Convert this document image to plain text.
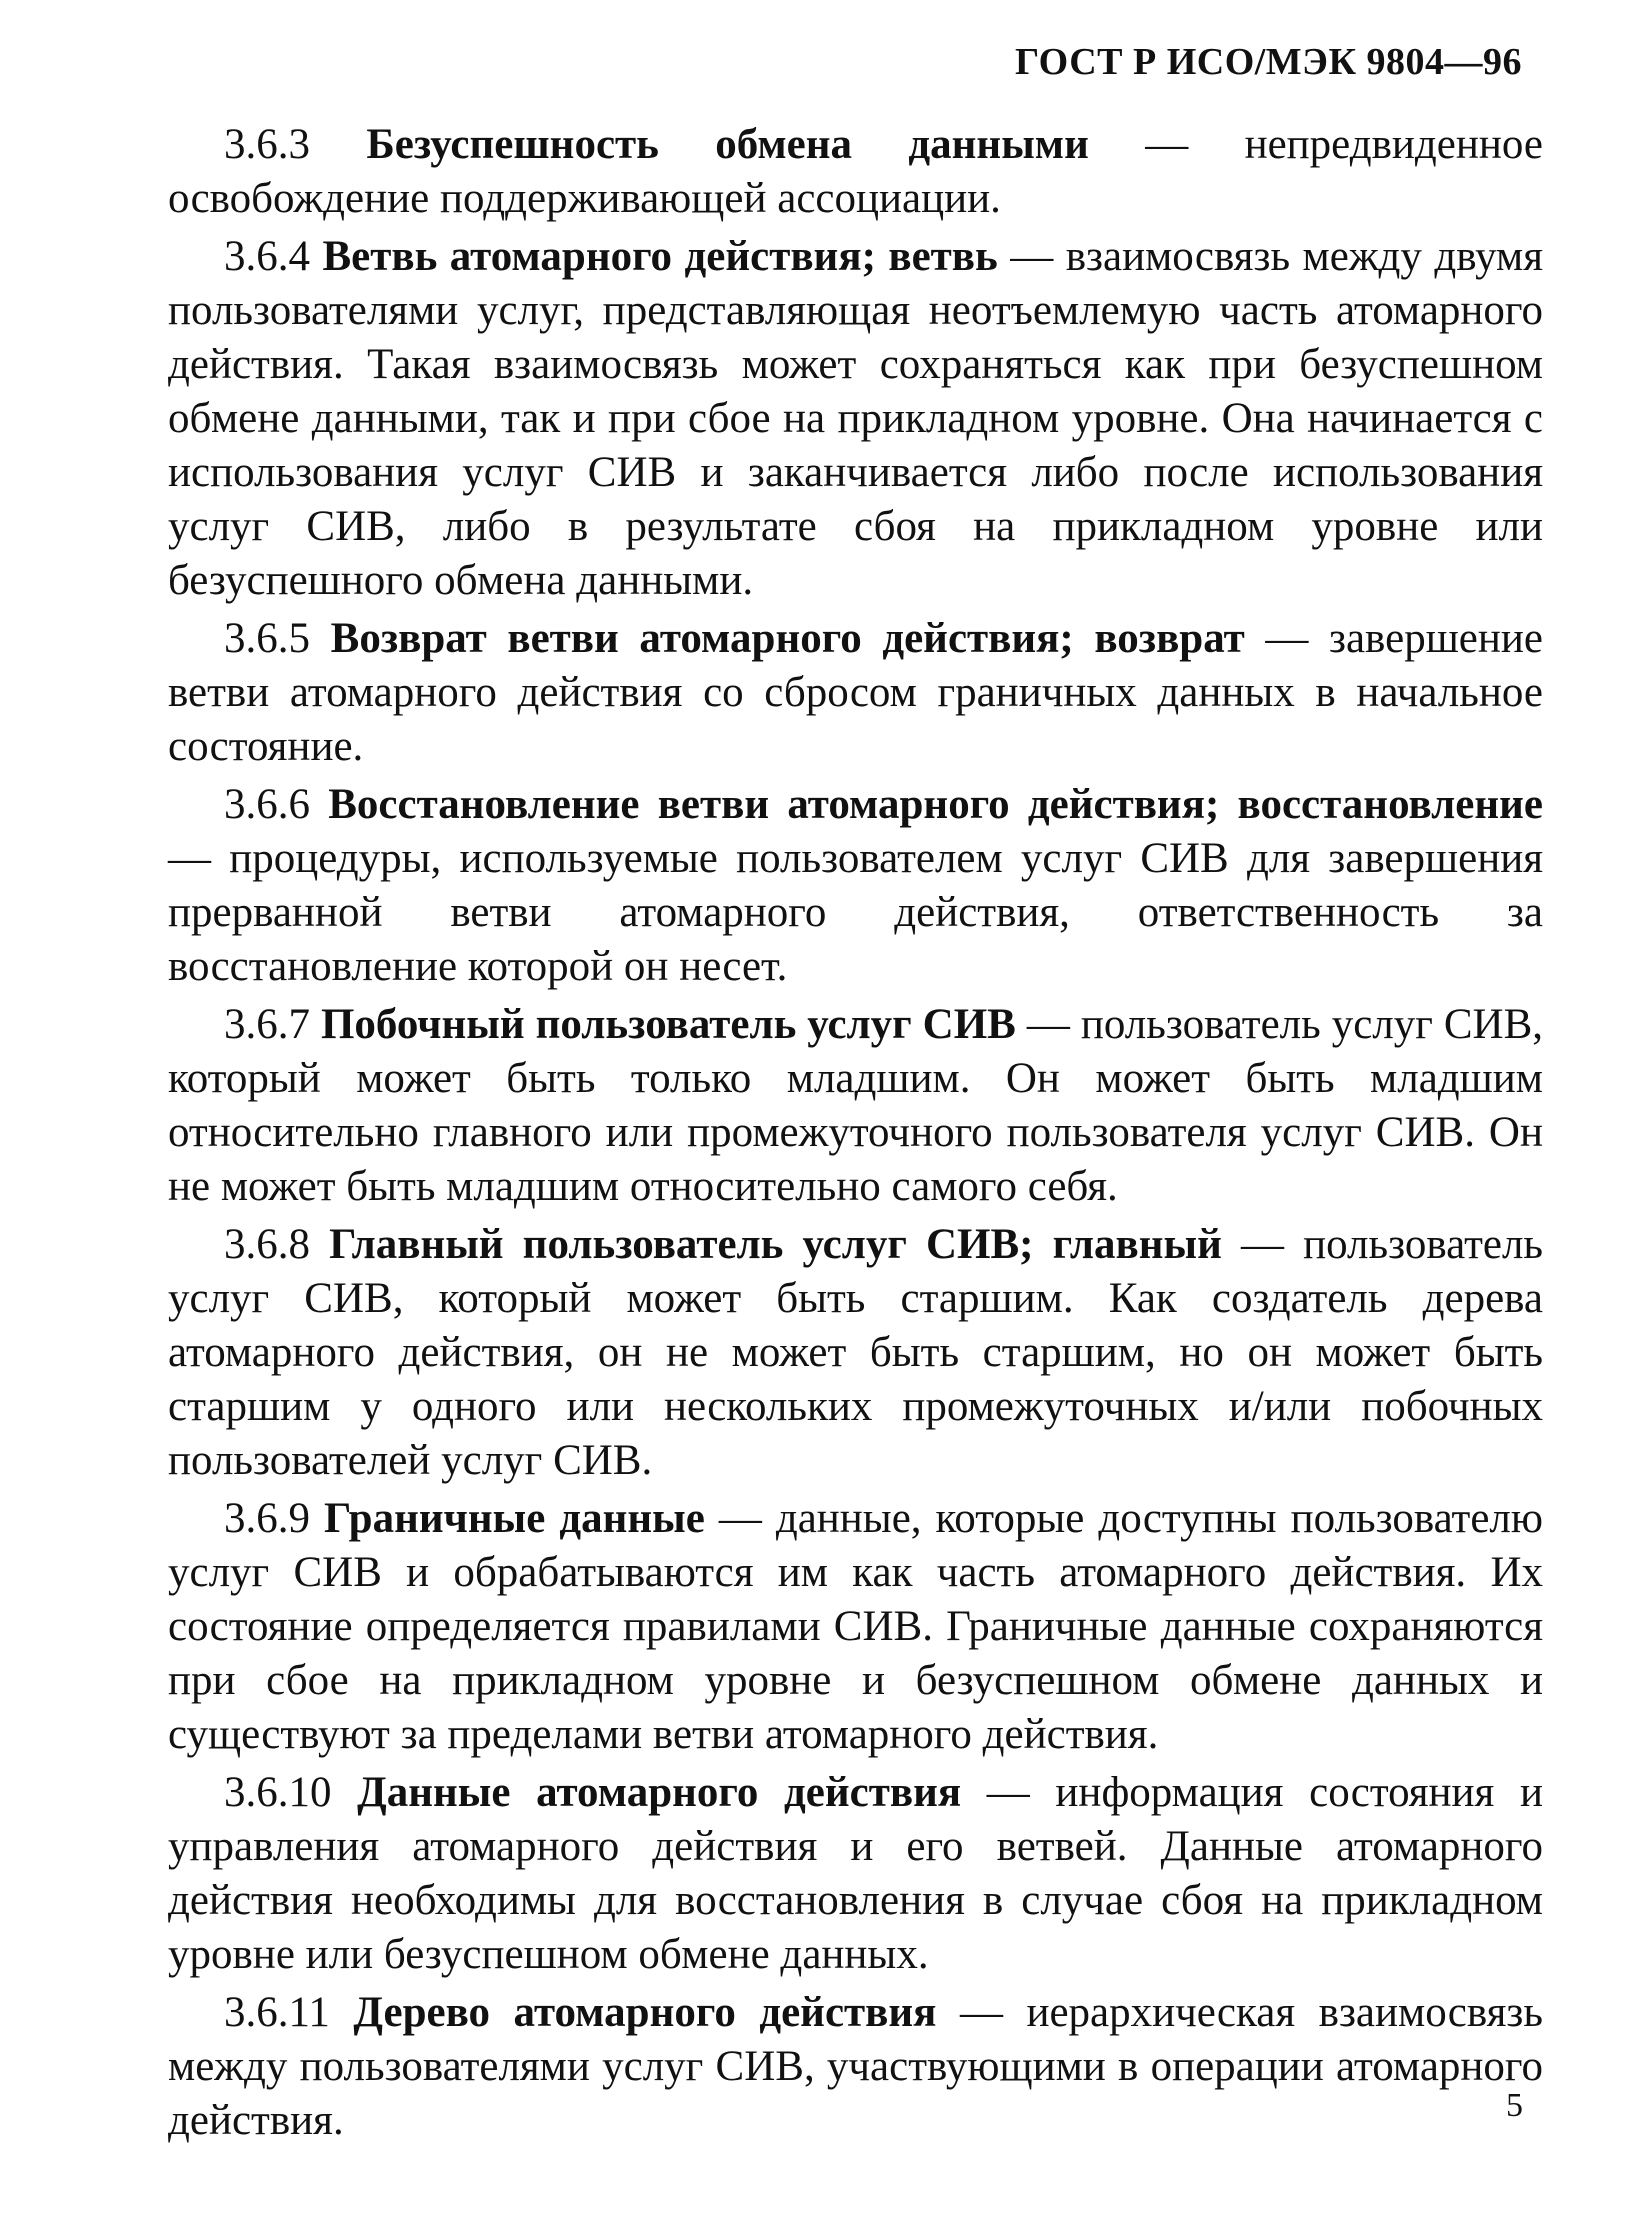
ГОСТ Р ИСО/МЭК 9804—96

3.6.3 Безуспешность обмена данными — непредвиденное освобождение поддерживающей ассоциации.

3.6.4 Ветвь атомарного действия; ветвь — взаимосвязь между двумя пользователями услуг, представляющая неотъемлемую часть атомарного действия. Такая взаимосвязь может сохраняться как при безуспешном обмене данными, так и при сбое на прикладном уровне. Она начинается с использования услуг СИВ и заканчивается либо после использования услуг СИВ, либо в результате сбоя на прикладном уровне или безуспешного обмена данными.

3.6.5 Возврат ветви атомарного действия; возврат — завершение ветви атомарного действия со сбросом граничных данных в начальное состояние.

3.6.6 Восстановление ветви атомарного действия; восстановление — процедуры, используемые пользователем услуг СИВ для завершения прерванной ветви атомарного действия, ответственность за восстановление которой он несет.

3.6.7 Побочный пользователь услуг СИВ — пользователь услуг СИВ, который может быть только младшим. Он может быть младшим относительно главного или промежуточного пользователя услуг СИВ. Он не может быть младшим относительно самого себя.

3.6.8 Главный пользователь услуг СИВ; главный — пользователь услуг СИВ, который может быть старшим. Как создатель дерева атомарного действия, он не может быть старшим, но он может быть старшим у одного или нескольких промежуточных и/или побочных пользователей услуг СИВ.

3.6.9 Граничные данные — данные, которые доступны пользователю услуг СИВ и обрабатываются им как часть атомарного действия. Их состояние определяется правилами СИВ. Граничные данные сохраняются при сбое на прикладном уровне и безуспешном обмене данных и существуют за пределами ветви атомарного действия.

3.6.10 Данные атомарного действия — информация состояния и управления атомарного действия и его ветвей. Данные атомарного действия необходимы для восстановления в случае сбоя на прикладном уровне или безуспешном обмене данных.

3.6.11 Дерево атомарного действия — иерархическая взаимосвязь между пользователями услуг СИВ, участвующими в операции атомарного действия.	5
